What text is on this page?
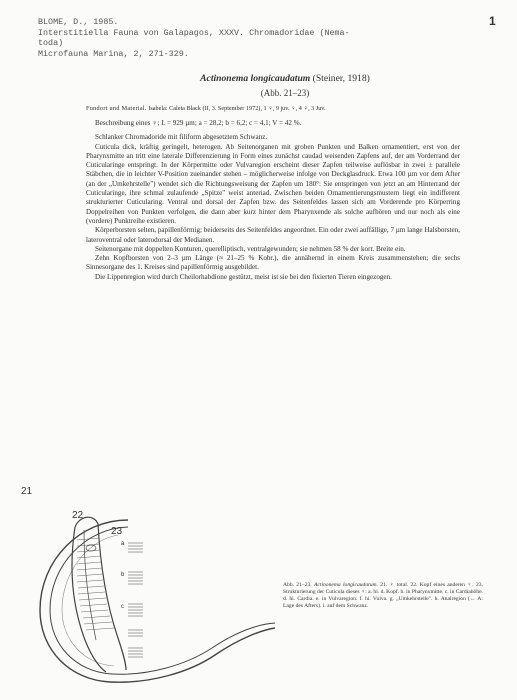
BLOME, D., 1985.
Interstitiella Fauna von Galapagos, XXXV. Chromadoridae (Nema-
toda)
Microfauna Marina, 2, 271-329.
1
Actinonema longicaudatum (Steiner, 1918)
(Abb. 21–23)

Fundort und Material. Isabela: Caleta Black (II, 3. September 1972), 1 ♀, 9 juv. ♀, 4 ♀, 3 Juv.

Beschreibung eines ♀; L = 929 µm; a = 28,2; b = 6,2; c = 4,1; V = 42 %.

Schlanker Chromadoride mit filiform abgesetztem Schwanz.

Cuticula dick, kräftig geringelt, heterogen. Ab Seitenorganen mit groben Punkten und Balken ornamentiert, erst von der Pharynxmitte an tritt eine laterale Differenzierung in Form eines zunächst caudad weisenden Zapfens auf, der am Vorderrand der Cuticularinge entspringt. In der Körpermitte oder Vulvaregion erscheint dieser Zapfen teilweise auflösbar in zwei ± parallele Stäbchen, die in leichter V-Position zueinander stehen – möglicherweise infolge von Deckglasdruck. Etwa 100 µm vor dem After (an der „Umkehrstelle") wendet sich die Richtungsweisung der Zapfen um 180°: Sie entspringen von jetzt an am Hinterrand der Cuticularinge, ihre schmal zulaufende „Spitze" weist anteriad. Zwischen beiden Ornamentierungsmustern liegt ein indifferent strukturierter Cuticularing. Ventral und dorsal der Zapfen bzw. des Seitenfeldes lassen sich am Vorderende pro Körperring Doppelreihen von Punkten verfolgen, die dann aber kurz hinter dem Pharynxende als solche aufhören und nur noch als eine (vordere) Punktreihe existieren.

Körperborsten selten, papillenförmig; beiderseits des Seitenfeldes angeordnet. Ein oder zwei auffällige, 7 µm lange Halsborsten, lateroventral oder laterodorsal der Medianen.

Seitenorgane mit doppelten Konturen, querelliptisch, ventralgewunden; sie nehmen 58 % der korr. Breite ein.

Zehn Kopfborsten von 2–3 µm Länge (≈ 21–25 % Kobr.), die annähernd in einem Kreis zusammenstehen; die sechs Sinnesorgane des 1. Kreises sind papillenförmig ausgebildet.

Die Lippenregion wird durch Cheilorhabdione gestützt, meist ist sie bei den fixierten Tieren eingezogen.

21
22
23
a
b
c
Abb. 21–23. Actinonema longicaudatum. 21. ♀ total. 22. Kopf eines anderen ♀. 23. Strukturierung der Cuticula dieses ♀: a. hi. d. Kopf. b. in Pharynxmitte. c. in Cardiahöhe. d. hi. Cardia. e. in Vulvaregion. f. hi. Vulva. g. „Umkehrstelle". h. Analregion (← A: Lage des Afters). i. auf dem Schwanz.
